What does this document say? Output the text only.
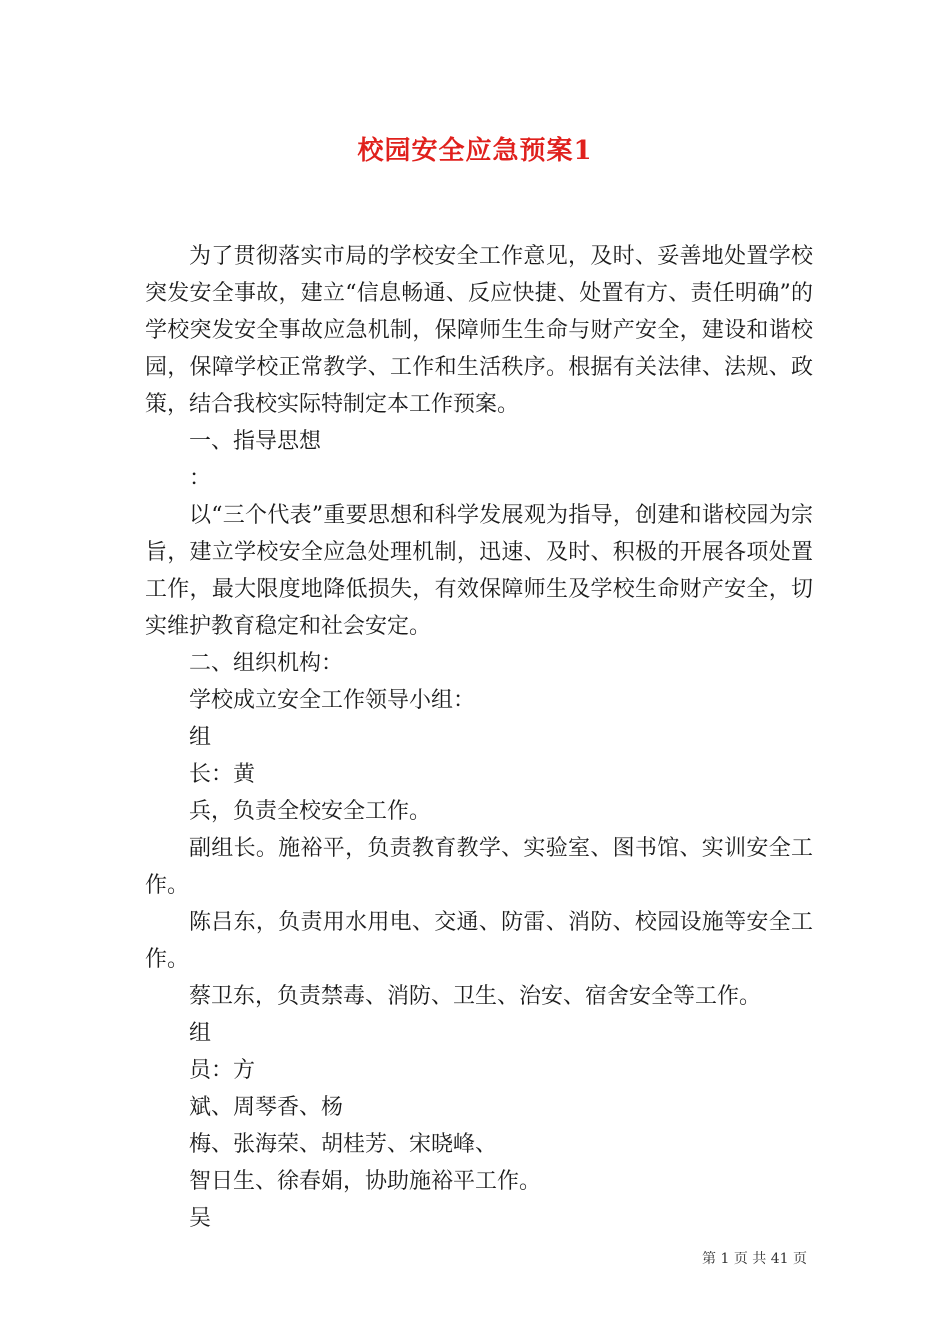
校园安全应急预案1

为了贯彻落实市局的学校安全工作意见，及时、妥善地处置学校突发安全事故，建立“信息畅通、反应快捷、处置有方、责任明确”的学校突发安全事故应急机制，保障师生生命与财产安全，建设和谐校园，保障学校正常教学、工作和生活秩序。根据有关法律、法规、政策，结合我校实际特制定本工作预案。

一、指导思想

：

以“三个代表”重要思想和科学发展观为指导，创建和谐校园为宗旨，建立学校安全应急处理机制，迅速、及时、积极的开展各项处置工作，最大限度地降低损失，有效保障师生及学校生命财产安全，切实维护教育稳定和社会安定。

二、组织机构：

学校成立安全工作领导小组：

组

长：黄

兵，负责全校安全工作。

副组长。施裕平，负责教育教学、实验室、图书馆、实训安全工作。

陈吕东，负责用水用电、交通、防雷、消防、校园设施等安全工作。

蔡卫东，负责禁毒、消防、卫生、治安、宿舍安全等工作。

组

员：方

斌、周琴香、杨

梅、张海荣、胡桂芳、宋晓峰、

智日生、徐春娟，协助施裕平工作。

吴

第 1 页 共 41 页
